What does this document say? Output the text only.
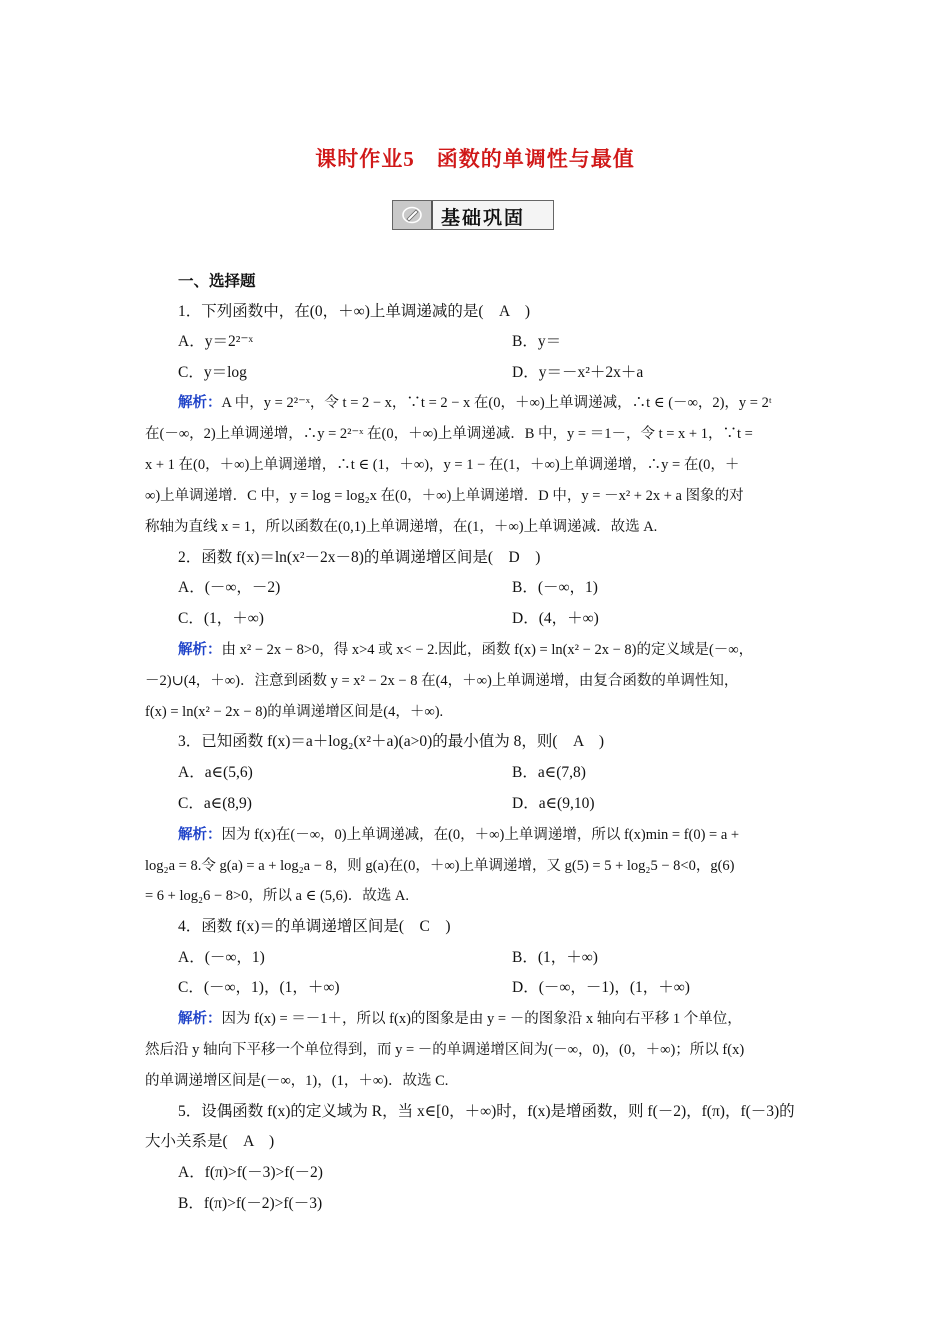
课时作业5　函数的单调性与最值
基础巩固
一、选择题
1．下列函数中，在(0，＋∞)上单调递减的是(　A　)
A．y＝2²⁻ˣ	B．y＝
C．y＝log	D．y＝－x²＋2x＋a
解析：A 中，y = 2²⁻ˣ，令 t = 2 − x，∵t = 2 − x 在(0，＋∞)上单调递减，∴t ∈ (－∞，2)，y = 2ᵗ
在(－∞，2)上单调递增，∴y = 2²⁻ˣ 在(0，＋∞)上单调递减．B 中，y = ＝1－，令 t = x + 1，∵t =
x + 1 在(0，＋∞)上单调递增，∴t ∈ (1，＋∞)，y = 1 − 在(1，＋∞)上单调递增，∴y = 在(0，＋
∞)上单调递增．C 中，y = log = log₂x 在(0，＋∞)上单调递增．D 中，y = －x² + 2x + a 图象的对
称轴为直线 x = 1，所以函数在(0,1)上单调递增，在(1，＋∞)上单调递减．故选 A.
2．函数 f(x)＝ln(x²－2x－8)的单调递增区间是(　D　)
A．(－∞，－2)	B．(－∞，1)
C．(1，＋∞)	D．(4，＋∞)
解析：由 x² − 2x − 8>0，得 x>4 或 x< − 2.因此，函数 f(x) = ln(x² − 2x − 8)的定义域是(－∞，
－2)∪(4，＋∞)．注意到函数 y = x² − 2x − 8 在(4，＋∞)上单调递增，由复合函数的单调性知，
f(x) = ln(x² − 2x − 8)的单调递增区间是(4，＋∞).
3．已知函数 f(x)＝a＋log₂(x²＋a)(a>0)的最小值为 8，则(　A　)
A．a∈(5,6)	B．a∈(7,8)
C．a∈(8,9)	D．a∈(9,10)
解析：因为 f(x)在(－∞，0)上单调递减，在(0，＋∞)上单调递增，所以 f(x)min = f(0) = a +
log₂a = 8.令 g(a) = a + log₂a − 8，则 g(a)在(0，＋∞)上单调递增，又 g(5) = 5 + log₂5 − 8<0，g(6)
= 6 + log₂6 − 8>0，所以 a ∈ (5,6)．故选 A.
4．函数 f(x)＝的单调递增区间是(　C　)
A．(－∞，1)	B．(1，＋∞)
C．(－∞，1)，(1，＋∞)	D．(－∞，－1)，(1，＋∞)
解析：因为 f(x) = ＝－1＋，所以 f(x)的图象是由 y = －的图象沿 x 轴向右平移 1 个单位，
然后沿 y 轴向下平移一个单位得到，而 y = －的单调递增区间为(－∞，0)，(0，＋∞)；所以 f(x)
的单调递增区间是(－∞，1)，(1，＋∞)．故选 C.
5．设偶函数 f(x)的定义域为 R，当 x∈[0，＋∞)时，f(x)是增函数，则 f(－2)，f(π)，f(－3)的
大小关系是(　A　)
A．f(π)>f(－3)>f(－2)
B．f(π)>f(－2)>f(－3)
